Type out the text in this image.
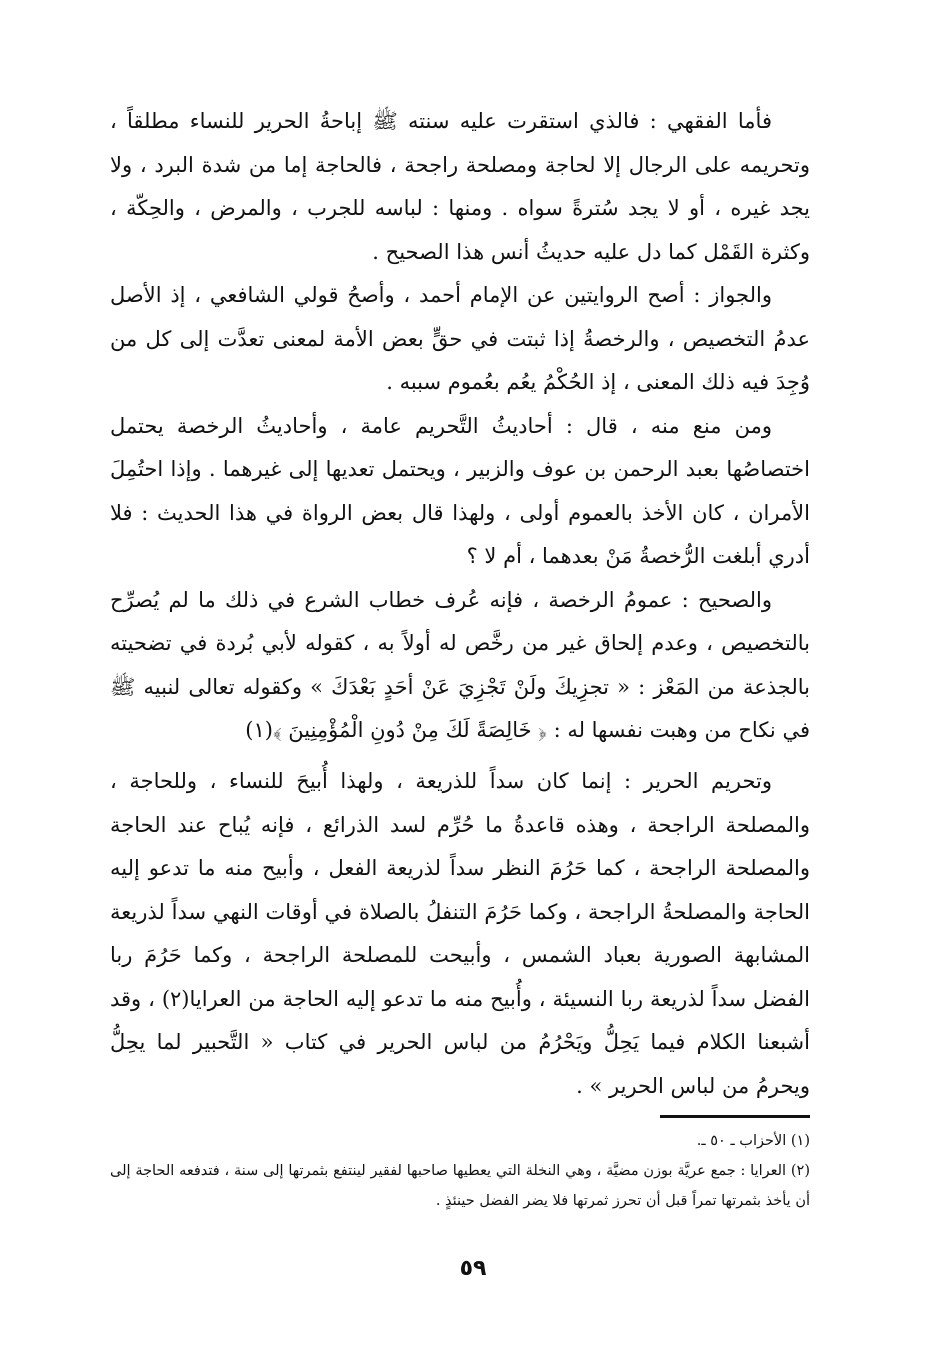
فأما الفقهي : فالذي استقرت عليه سنته ﷺ إباحةُ الحرير للنساء مطلقاً ، وتحريمه على الرجال إلا لحاجة ومصلحة راجحة ، فالحاجة إما من شدة البرد ، ولا يجد غيره ، أو لا يجد سُترةً سواه . ومنها : لباسه للجرب ، والمرض ، والحِكّة ، وكثرة القَمْل كما دل عليه حديثُ أنس هذا الصحيح .

والجواز : أصح الروايتين عن الإمام أحمد ، وأصحُ قولي الشافعي ، إذ الأصل عدمُ التخصيص ، والرخصةُ إذا ثبتت في حقٍّ بعض الأمة لمعنى تعدَّت إلى كل من وُجِدَ فيه ذلك المعنى ، إذ الحُكْمُ يعُم بعُموم سببه .

ومن منع منه ، قال : أحاديثُ التَّحريم عامة ، وأحاديثُ الرخصة يحتمل اختصاصُها بعبد الرحمن بن عوف والزبير ، ويحتمل تعديها إلى غيرهما . وإذا احتُمِلَ الأمران ، كان الأخذ بالعموم أولى ، ولهذا قال بعض الرواة في هذا الحديث : فلا أدري أبلغت الرُّخصةُ مَنْ بعدهما ، أم لا ؟

والصحيح : عمومُ الرخصة ، فإنه عُرف خطاب الشرع في ذلك ما لم يُصرِّح بالتخصيص ، وعدم إلحاق غير من رخَّص له أولاً به ، كقوله لأبي بُردة في تضحيته بالجذعة من المَعْز : « تجزِيكَ ولَنْ تَجْزِيَ عَنْ أحَدٍ بَعْدَكَ » وكقوله تعالى لنبيه ﷺ في نكاح من وهبت نفسها له : ﴿ خَالِصَةً لَكَ مِنْ دُونِ الْمُؤْمِنِينَ ﴾(١)

وتحريم الحرير : إنما كان سداً للذريعة ، ولهذا أُبيحَ للنساء ، وللحاجة ، والمصلحة الراجحة ، وهذه قاعدةُ ما حُرِّم لسد الذرائع ، فإنه يُباح عند الحاجة والمصلحة الراجحة ، كما حَرُمَ النظر سداً لذريعة الفعل ، وأبيح منه ما تدعو إليه الحاجة والمصلحةُ الراجحة ، وكما حَرُمَ التنفلُ بالصلاة في أوقات النهي سداً لذريعة المشابهة الصورية بعباد الشمس ، وأبيحت للمصلحة الراجحة ، وكما حَرُمَ ربا الفضل سداً لذريعة ربا النسيئة ، وأُبيح منه ما تدعو إليه الحاجة من العرايا(٢) ، وقد أشبعنا الكلام فيما يَحِلُّ ويَحْرُمُ من لباس الحرير في كتاب « التَّحبير لما يحِلُّ ويحرمُ من لباس الحرير » .

(١) الأحزاب ـ ٥٠ ـ.

(٢) العرايا : جمع عريَّة بوزن مضيَّة ، وهي النخلة التي يعطيها صاحبها لفقير لينتفع بثمرتها إلى سنة ، فتدفعه الحاجة إلى أن يأخذ بثمرتها تمراً قبل أن تحرز ثمرتها فلا يضر الفضل حينئذٍ .

٥٩
